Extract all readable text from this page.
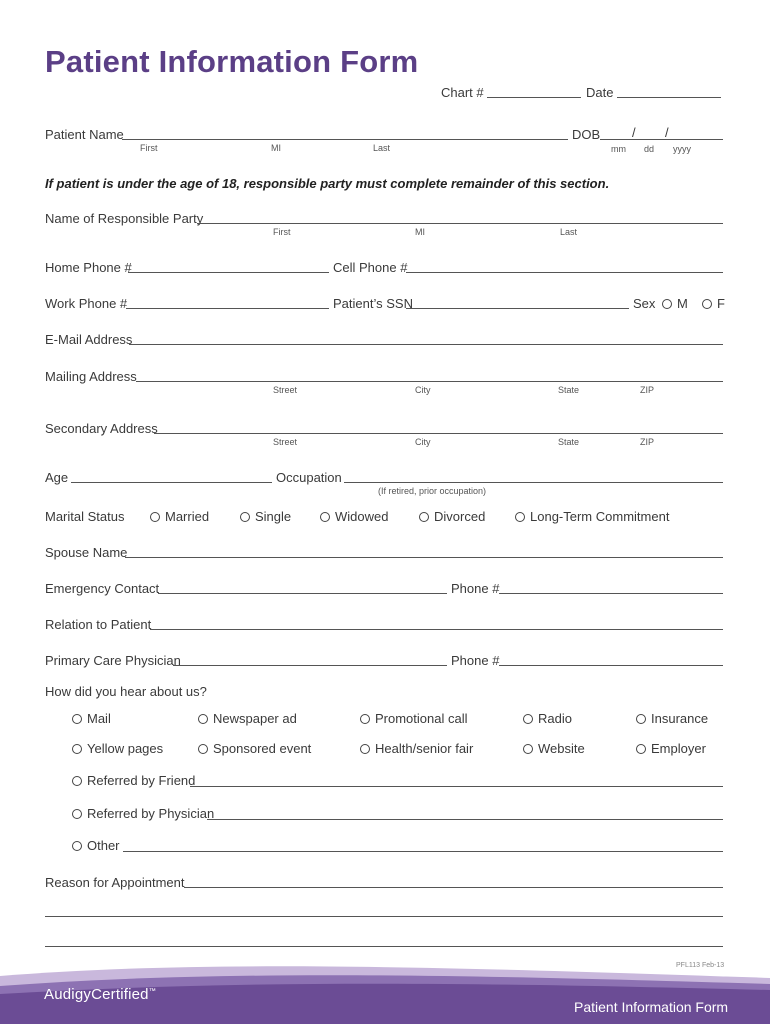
Patient Information Form
Chart #	Date
Patient Name
First	MI	Last
DOB / /
mm dd yyyy
If patient is under the age of 18, responsible party must complete remainder of this section.
Name of Responsible Party
First	MI	Last
Home Phone #	Cell Phone #
Work Phone #	Patient’s SSN	Sex	M	F
E-Mail Address
Mailing Address
Street	City	State	ZIP
Secondary Address
Street	City	State	ZIP
Age	Occupation
(If retired, prior occupation)
Marital Status	Married	Single	Widowed	Divorced	Long-Term Commitment
Spouse Name
Emergency Contact	Phone #
Relation to Patient
Primary Care Physician	Phone #
How did you hear about us?
Mail	Newspaper ad	Promotional call	Radio	Insurance
Yellow pages	Sponsored event	Health/senior fair	Website	Employer
Referred by Friend
Referred by Physician
Other
Reason for Appointment
PFL113 Feb-13
AudigyCertified™
Patient Information Form
